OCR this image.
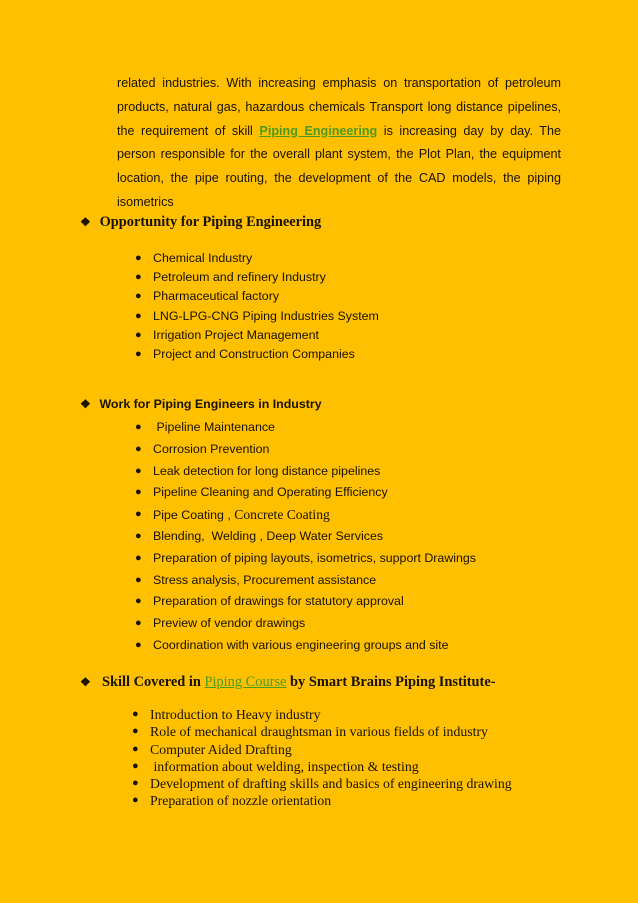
related industries. With increasing emphasis on transportation of petroleum products, natural gas, hazardous chemicals Transport long distance pipelines, the requirement of skill Piping Engineering is increasing day by day. The person responsible for the overall plant system, the Plot Plan, the equipment location, the pipe routing, the development of the CAD models, the piping isometrics

❖ Opportunity for Piping Engineering
● Chemical Industry
● Petroleum and refinery Industry
● Pharmaceutical factory
● LNG-LPG-CNG Piping Industries System
● Irrigation Project Management
● Project and Construction Companies
❖ Work for Piping Engineers in Industry
● Pipeline Maintenance
● Corrosion Prevention
● Leak detection for long distance pipelines
● Pipeline Cleaning and Operating Efficiency
● Pipe Coating , Concrete Coating
● Blending,  Welding , Deep Water Services
● Preparation of piping layouts, isometrics, support Drawings
● Stress analysis, Procurement assistance
● Preparation of drawings for statutory approval
● Preview of vendor drawings
● Coordination with various engineering groups and site
❖ Skill Covered in Piping Course by Smart Brains Piping Institute-
● Introduction to Heavy industry
● Role of mechanical draughtsman in various fields of industry
● Computer Aided Drafting
● information about welding, inspection & testing
● Development of drafting skills and basics of engineering drawing
● Preparation of nozzle orientation
